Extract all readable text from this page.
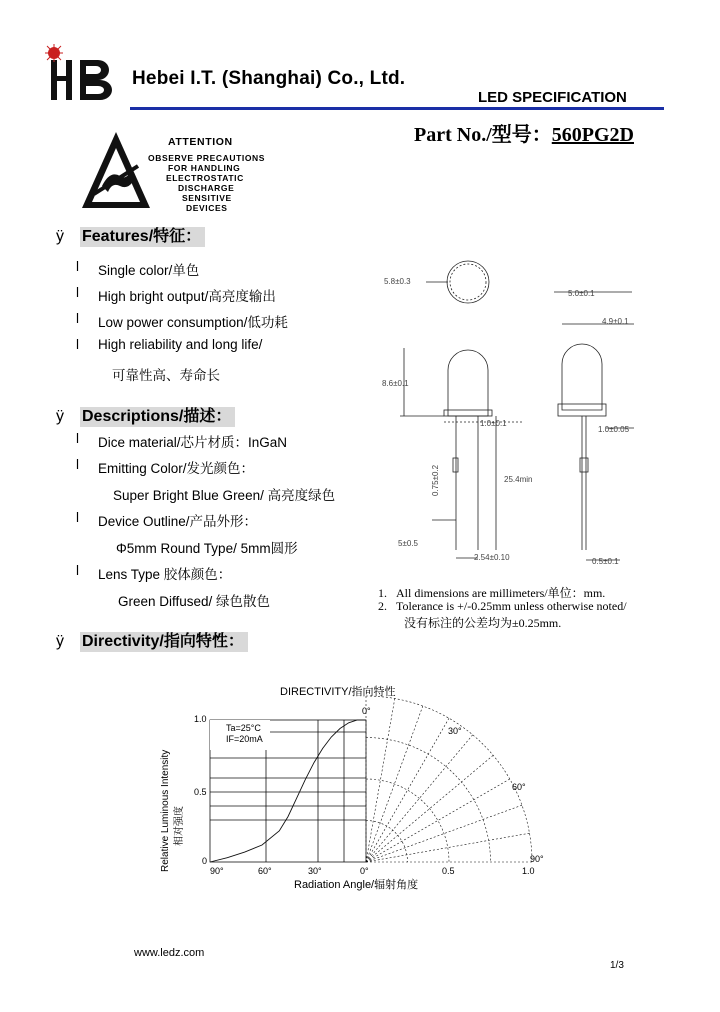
Hebei I.T. (Shanghai) Co., Ltd.
LED SPECIFICATION
Part No./型号：560PG2D
ATTENTION
OBSERVE PRECAUTIONS
FOR HANDLING
ELECTROSTATIC
DISCHARGE
SENSITIVE
DEVICES
ÿ Features/特征：
l Single color/单色
l High bright output/高亮度输出
l Low power consumption/低功耗
l High reliability and long life/
可靠性高、寿命长
ÿ Descriptions/描述：
l Dice material/芯片材质：InGaN
l Emitting Color/发光颜色：
Super Bright Blue Green/ 高亮度绿色
l Device Outline/产品外形：
Φ5mm Round Type/ 5mm圆形
l Lens Type 胶体颜色：
Green Diffused/ 绿色散色
ÿ Directivity/指向特性：
5.8±0.3
8.6±0.1
1.0±0.1
0.75±0.2
5±0.5
2.54±0.10
25.4min
5.0±0.1
4.9±0.1
1.0±0.05
0.5±0.1
1. All dimensions are millimeters/单位：mm.
2. Tolerance is +/-0.25mm unless otherwise noted/
没有标注的公差均为±0.25mm.
DIRECTIVITY/指向特性
Ta=25°C
IF=20mA
1.0
0.5
0
90°	60°	30°	0°	0.5	1.0
0°
30°
60°
90°
Radiation Angle/辐射角度
Relative Luminous Intensity 相对强度
www.ledz.com
1/3
